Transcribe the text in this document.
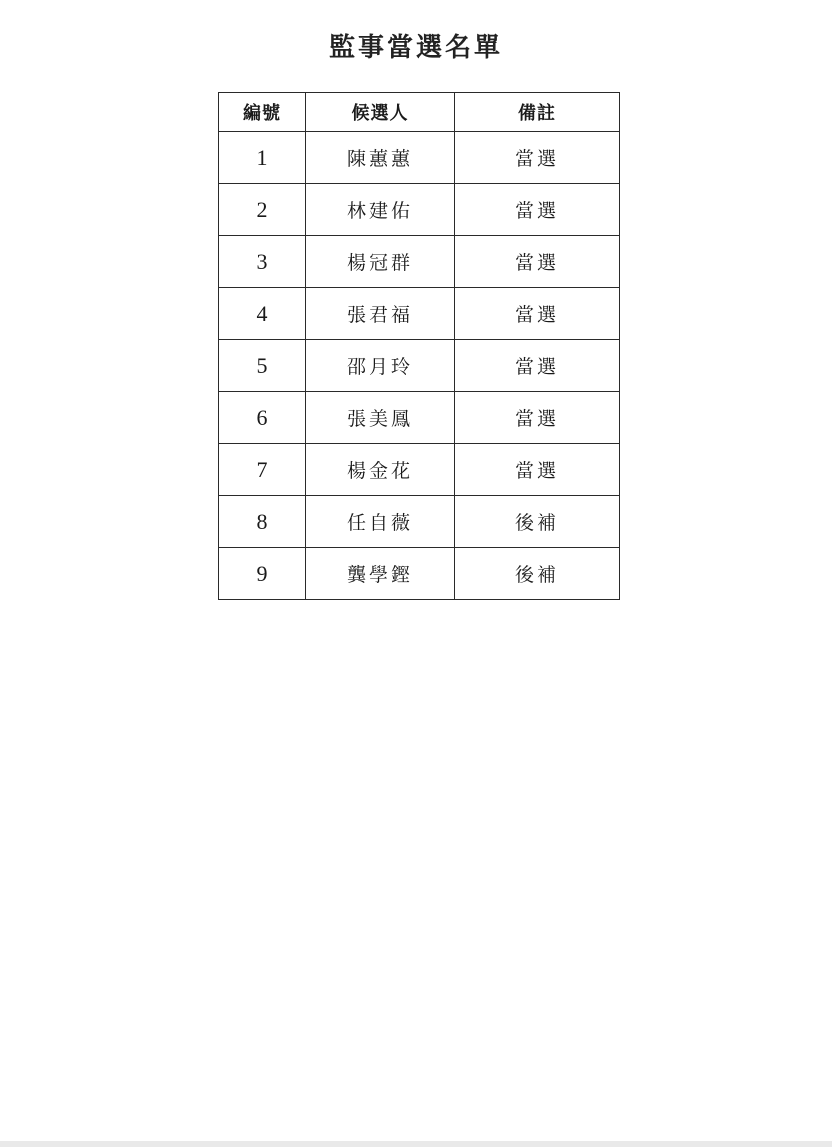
監事當選名單
編號	候選人	備註
1	陳蕙蕙	當選
2	林建佑	當選
3	楊冠群	當選
4	張君福	當選
5	邵月玲	當選
6	張美鳳	當選
7	楊金花	當選
8	任自薇	後補
9	龔學鏗	後補
